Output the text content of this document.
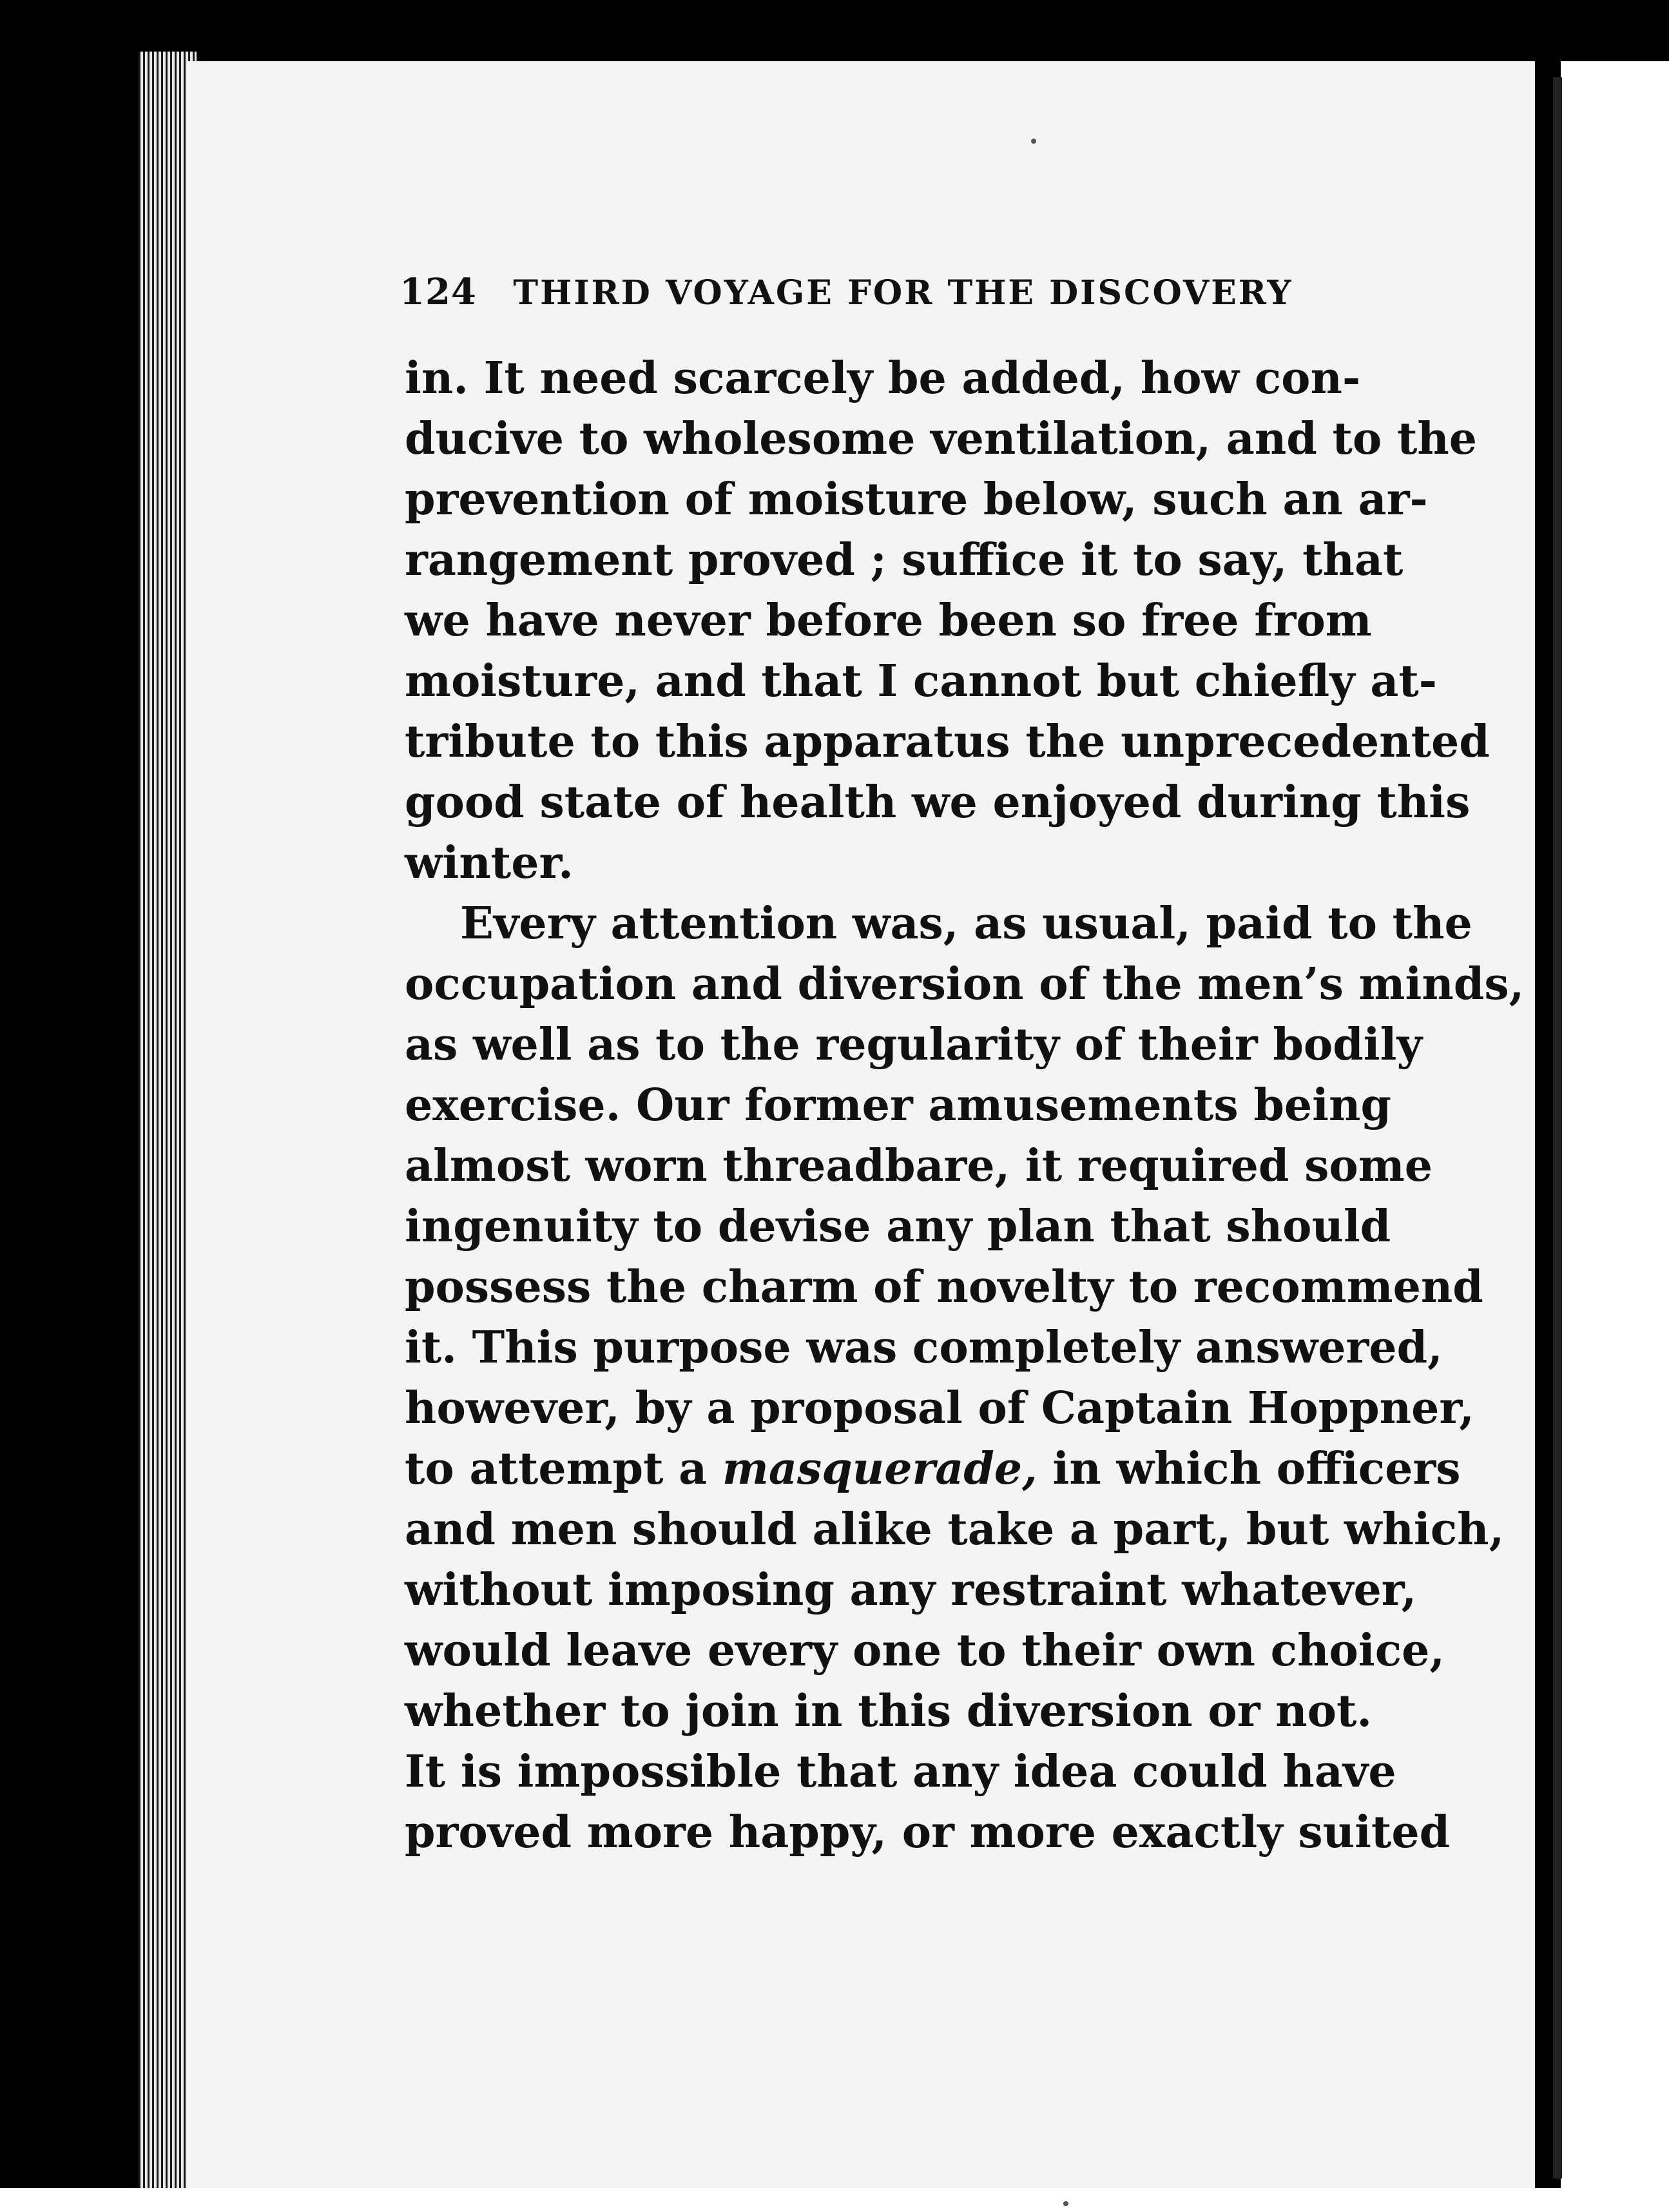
124 THIRD VOYAGE FOR THE DISCOVERY
in. It need scarcely be added, how con-
ducive to wholesome ventilation, and to the
prevention of moisture below, such an ar-
rangement proved ; suffice it to say, that
we have never before been so free from
moisture, and that I cannot but chiefly at-
tribute to this apparatus the unprecedented
good state of health we enjoyed during this
winter.
Every attention was, as usual, paid to the
occupation and diversion of the men’s minds,
as well as to the regularity of their bodily
exercise. Our former amusements being
almost worn threadbare, it required some
ingenuity to devise any plan that should
possess the charm of novelty to recommend
it. This purpose was completely answered,
however, by a proposal of Captain Hoppner,
to attempt a masquerade, in which officers
and men should alike take a part, but which,
without imposing any restraint whatever,
would leave every one to their own choice,
whether to join in this diversion or not.
It is impossible that any idea could have
proved more happy, or more exactly suited
